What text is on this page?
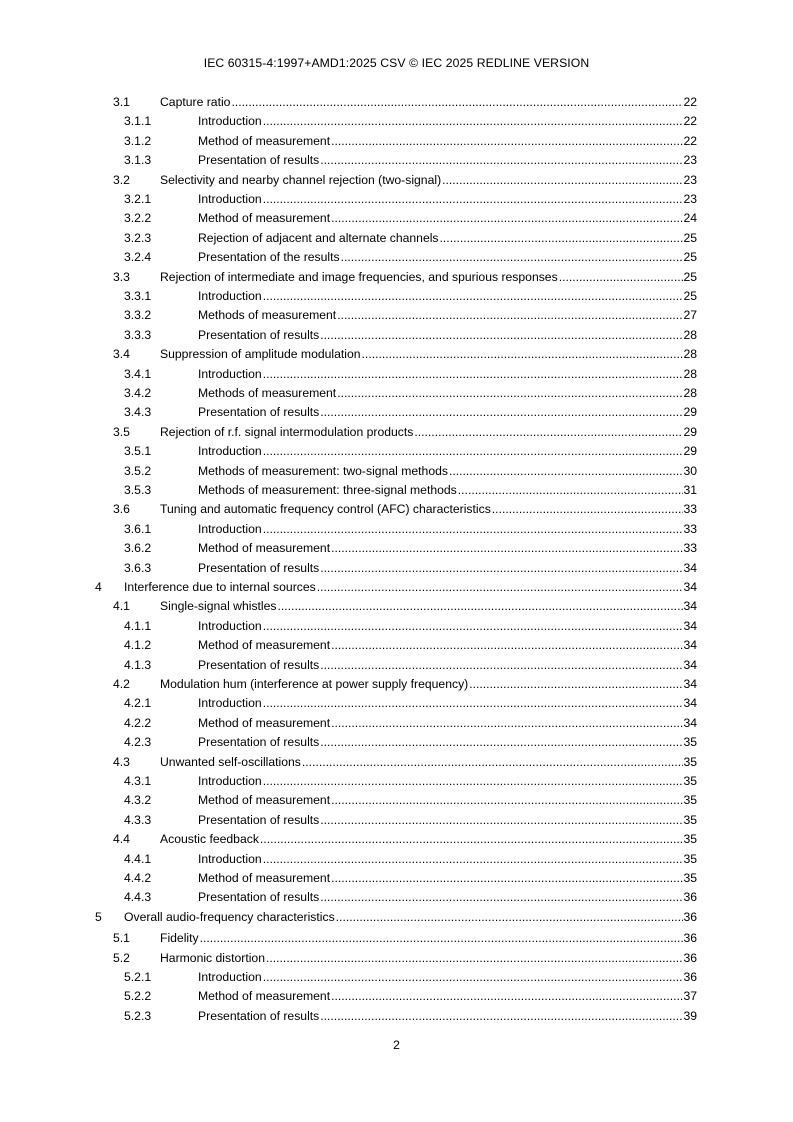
IEC 60315-4:1997+AMD1:2025 CSV © IEC 2025 REDLINE VERSION
3.1 Capture ratio .....	22
3.1.1	Introduction .....	22
3.1.2	Method of measurement .....	22
3.1.3	Presentation of results .....	23
3.2 Selectivity and nearby channel rejection (two-signal) .....	23
3.2.1	Introduction .....	23
3.2.2	Method of measurement .....	24
3.2.3	Rejection of adjacent and alternate channels .....	25
3.2.4	Presentation of the results .....	25
3.3 Rejection of intermediate and image frequencies, and spurious responses .....	25
3.3.1	Introduction .....	25
3.3.2	Methods of measurement .....	27
3.3.3	Presentation of results .....	28
3.4 Suppression of amplitude modulation .....	28
3.4.1	Introduction .....	28
3.4.2	Methods of measurement .....	28
3.4.3	Presentation of results .....	29
3.5 Rejection of r.f. signal intermodulation products .....	29
3.5.1	Introduction .....	29
3.5.2	Methods of measurement: two-signal methods .....	30
3.5.3	Methods of measurement: three-signal methods .....	31
3.6 Tuning and automatic frequency control (AFC) characteristics .....	33
3.6.1	Introduction .....	33
3.6.2	Method of measurement .....	33
3.6.3	Presentation of results .....	34
4 Interference due to internal sources .....	34
4.1 Single-signal whistles .....	34
4.1.1	Introduction .....	34
4.1.2	Method of measurement .....	34
4.1.3	Presentation of results .....	34
4.2 Modulation hum (interference at power supply frequency) .....	34
4.2.1	Introduction .....	34
4.2.2	Method of measurement .....	34
4.2.3	Presentation of results .....	35
4.3 Unwanted self-oscillations .....	35
4.3.1	Introduction .....	35
4.3.2	Method of measurement .....	35
4.3.3	Presentation of results .....	35
4.4 Acoustic feedback .....	35
4.4.1	Introduction .....	35
4.4.2	Method of measurement .....	35
4.4.3	Presentation of results .....	36
5 Overall audio-frequency characteristics .....	36
5.1 Fidelity .....	36
5.2 Harmonic distortion .....	36
5.2.1	Introduction .....	36
5.2.2	Method of measurement .....	37
5.2.3	Presentation of results .....	39
2
